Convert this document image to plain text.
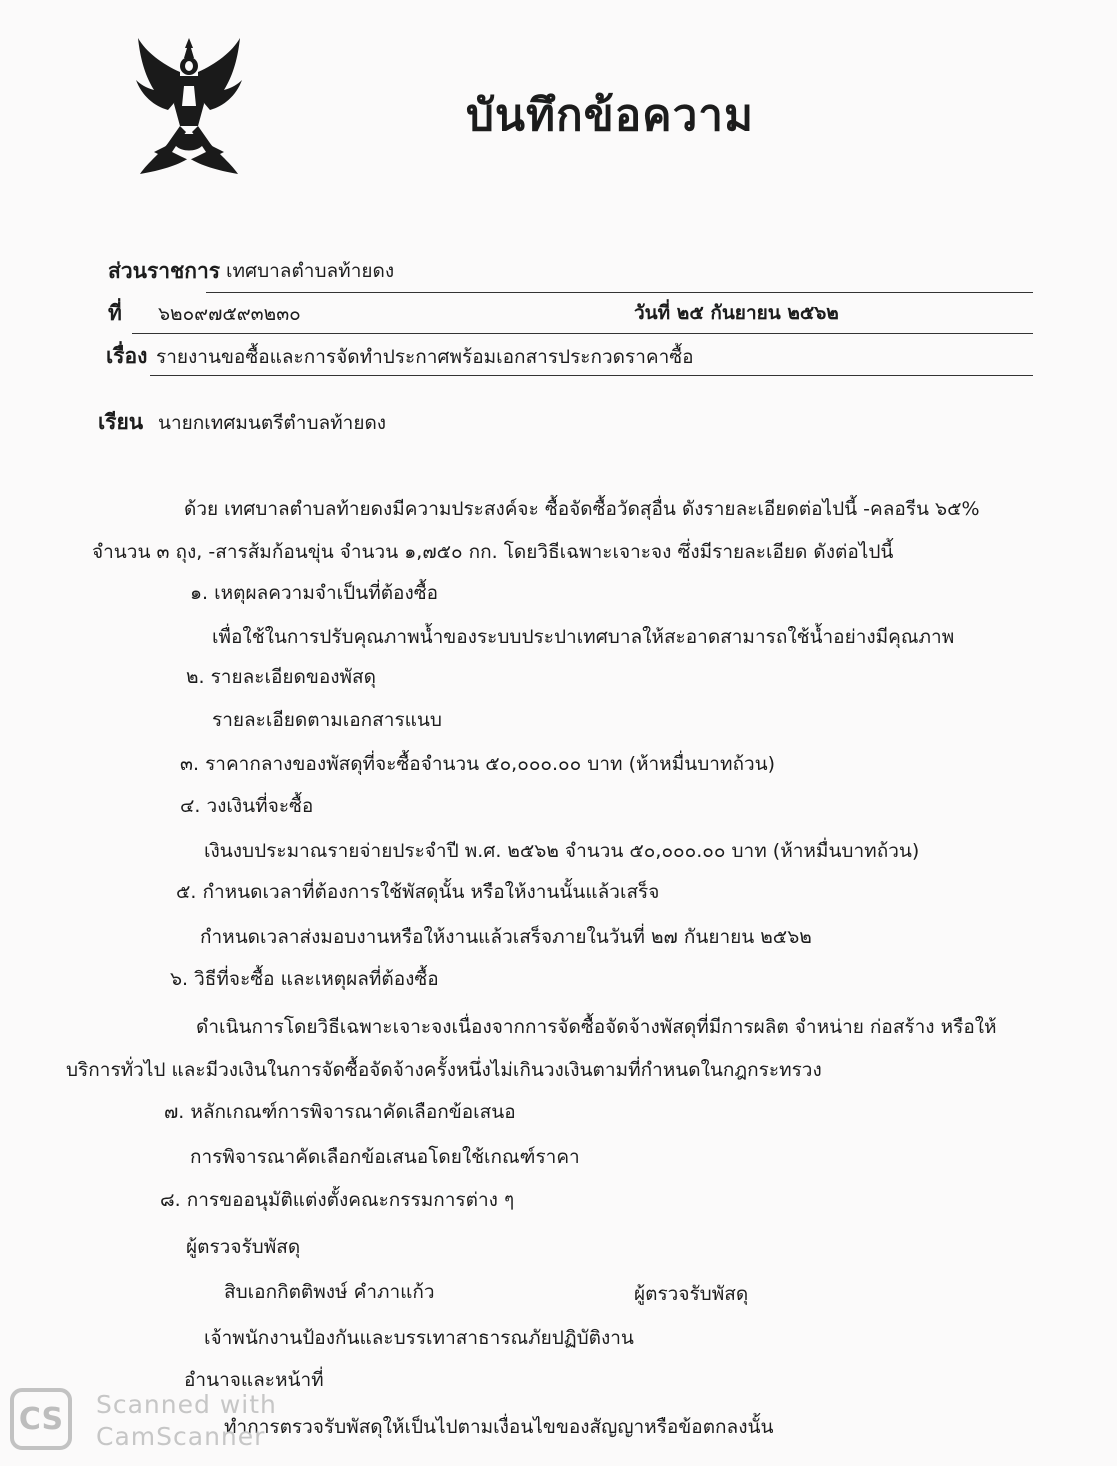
บันทึกข้อความ
ส่วนราชการ เทศบาลตำบลท้ายดง
ที่ ๖๒๐๙๗๕๙๓๒๓๐	วันที่ ๒๕ กันยายน ๒๕๖๒
เรื่อง รายงานขอซื้อและการจัดทำประกาศพร้อมเอกสารประกวดราคาซื้อ
เรียน นายกเทศมนตรีตำบลท้ายดง
ด้วย เทศบาลตำบลท้ายดงมีความประสงค์จะ ซื้อจัดซื้อวัดสุอื่น ดังรายละเอียดต่อไปนี้ -คลอรีน ๖๕%
จำนวน ๓ ถุง, -สารส้มก้อนขุ่น จำนวน ๑,๗๕๐ กก. โดยวิธีเฉพาะเจาะจง ซึ่งมีรายละเอียด ดังต่อไปนี้
๑. เหตุผลความจำเป็นที่ต้องซื้อ
เพื่อใช้ในการปรับคุณภาพน้ำของระบบประปาเทศบาลให้สะอาดสามารถใช้น้ำอย่างมีคุณภาพ
๒. รายละเอียดของพัสดุ
รายละเอียดตามเอกสารแนบ
๓. ราคากลางของพัสดุที่จะซื้อจำนวน ๕๐,๐๐๐.๐๐ บาท (ห้าหมื่นบาทถ้วน)
๔. วงเงินที่จะซื้อ
เงินงบประมาณรายจ่ายประจำปี พ.ศ. ๒๕๖๒ จำนวน ๕๐,๐๐๐.๐๐ บาท (ห้าหมื่นบาทถ้วน)
๕. กำหนดเวลาที่ต้องการใช้พัสดุนั้น หรือให้งานนั้นแล้วเสร็จ
กำหนดเวลาส่งมอบงานหรือให้งานแล้วเสร็จภายในวันที่ ๒๗ กันยายน ๒๕๖๒
๖. วิธีที่จะซื้อ และเหตุผลที่ต้องซื้อ
ดำเนินการโดยวิธีเฉพาะเจาะจงเนื่องจากการจัดซื้อจัดจ้างพัสดุที่มีการผลิต จำหน่าย ก่อสร้าง หรือให้
บริการทั่วไป และมีวงเงินในการจัดซื้อจัดจ้างครั้งหนึ่งไม่เกินวงเงินตามที่กำหนดในกฎกระทรวง
๗. หลักเกณฑ์การพิจารณาคัดเลือกข้อเสนอ
การพิจารณาคัดเลือกข้อเสนอโดยใช้เกณฑ์ราคา
๘. การขออนุมัติแต่งตั้งคณะกรรมการต่าง ๆ
ผู้ตรวจรับพัสดุ
สิบเอกกิตติพงษ์ คำภาแก้ว	ผู้ตรวจรับพัสดุ
เจ้าพนักงานป้องกันและบรรเทาสาธารณภัยปฏิบัติงาน
อำนาจและหน้าที่
ทำการตรวจรับพัสดุให้เป็นไปตามเงื่อนไขของสัญญาหรือข้อตกลงนั้น
CS	Scanned with
CamScanner
